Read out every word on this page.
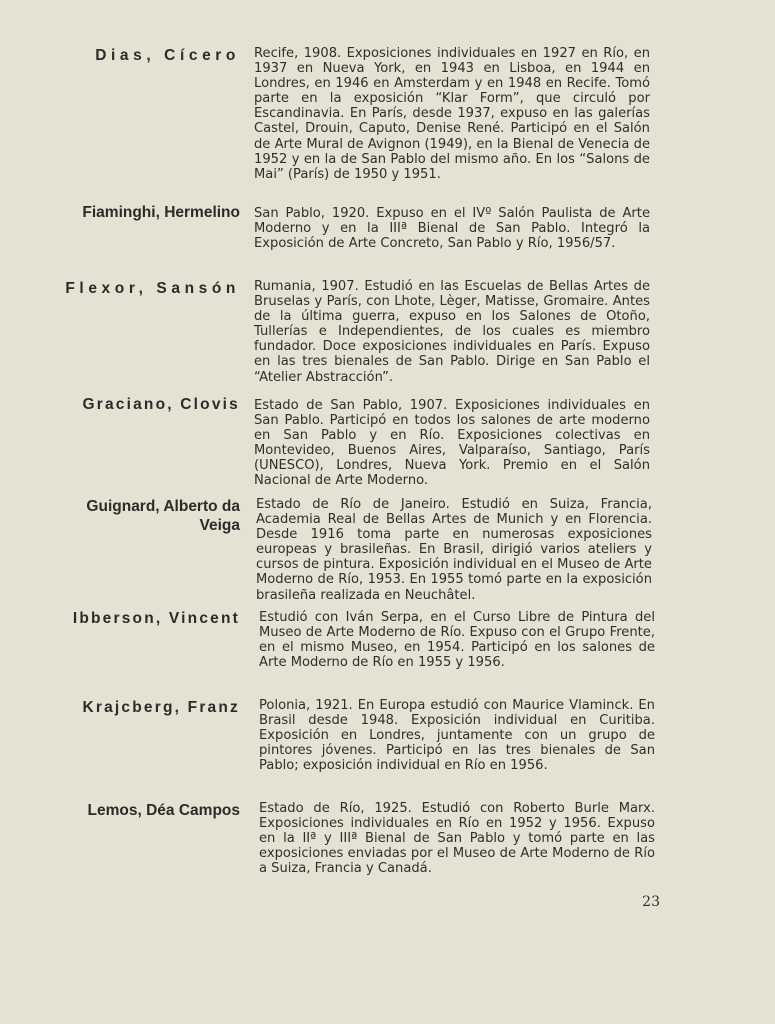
Dias, Cícero Recife, 1908. Exposiciones individuales en 1927 en Río, en 1937 en Nueva York, en 1943 en Lisboa, en 1944 en Londres, en 1946 en Amsterdam y en 1948 en Recife. Tomó parte en la exposición “Klar Form”, que circuló por Escandinavia. En París, desde 1937, expuso en las galerías Castel, Drouin, Caputo, Denise René. Participó en el Salón de Arte Mural de Avignon (1949), en la Bienal de Venecia de 1952 y en la de San Pablo del mismo año. En los “Salons de Mai” (París) de 1950 y 1951.
Fiaminghi, Hermelino San Pablo, 1920. Expuso en el IVº Salón Paulista de Arte Moderno y en la IIIª Bienal de San Pablo. Integró la Exposición de Arte Concreto, San Pablo y Río, 1956/57.
Flexor, Sansón Rumania, 1907. Estudió en las Escuelas de Bellas Artes de Bruselas y París, con Lhote, Lèger, Matisse, Gromaire. Antes de la última guerra, expuso en los Salones de Otoño, Tullerías e Independientes, de los cuales es miembro fundador. Doce exposiciones individuales en París. Expuso en las tres bienales de San Pablo. Dirige en San Pablo el “Atelier Abstracción”.
Graciano, Clovis Estado de San Pablo, 1907. Exposiciones individuales en San Pablo. Participó en todos los salones de arte moderno en San Pablo y en Río. Exposiciones colectivas en Montevideo, Buenos Aires, Valparaíso, Santiago, París (UNESCO), Londres, Nueva York. Premio en el Salón Nacional de Arte Moderno.
Guignard, Alberto da Veiga
Estado de Río de Janeiro. Estudió en Suiza, Francia, Academia Real de Bellas Artes de Munich y en Florencia. Desde 1916 toma parte en numerosas exposiciones europeas y brasileñas. En Brasil, dirigió varios ateliers y cursos de pintura. Exposición individual en el Museo de Arte Moderno de Río, 1953. En 1955 tomó parte en la exposición brasileña realizada en Neuchâtel.
Ibberson, Vincent Estudió con Iván Serpa, en el Curso Libre de Pintura del Museo de Arte Moderno de Río. Expuso con el Grupo Frente, en el mismo Museo, en 1954. Participó en los salones de Arte Moderno de Río en 1955 y 1956.
Krajcberg, Franz Polonia, 1921. En Europa estudió con Maurice Vlaminck. En Brasil desde 1948. Exposición individual en Curitiba. Exposición en Londres, juntamente con un grupo de pintores jóvenes. Participó en las tres bienales de San Pablo; exposición individual en Río en 1956.
Lemos, Déa Campos Estado de Río, 1925. Estudió con Roberto Burle Marx. Exposiciones individuales en Río en 1952 y 1956. Expuso en la IIª y IIIª Bienal de San Pablo y tomó parte en las exposiciones enviadas por el Museo de Arte Moderno de Río a Suiza, Francia y Canadá.
23
